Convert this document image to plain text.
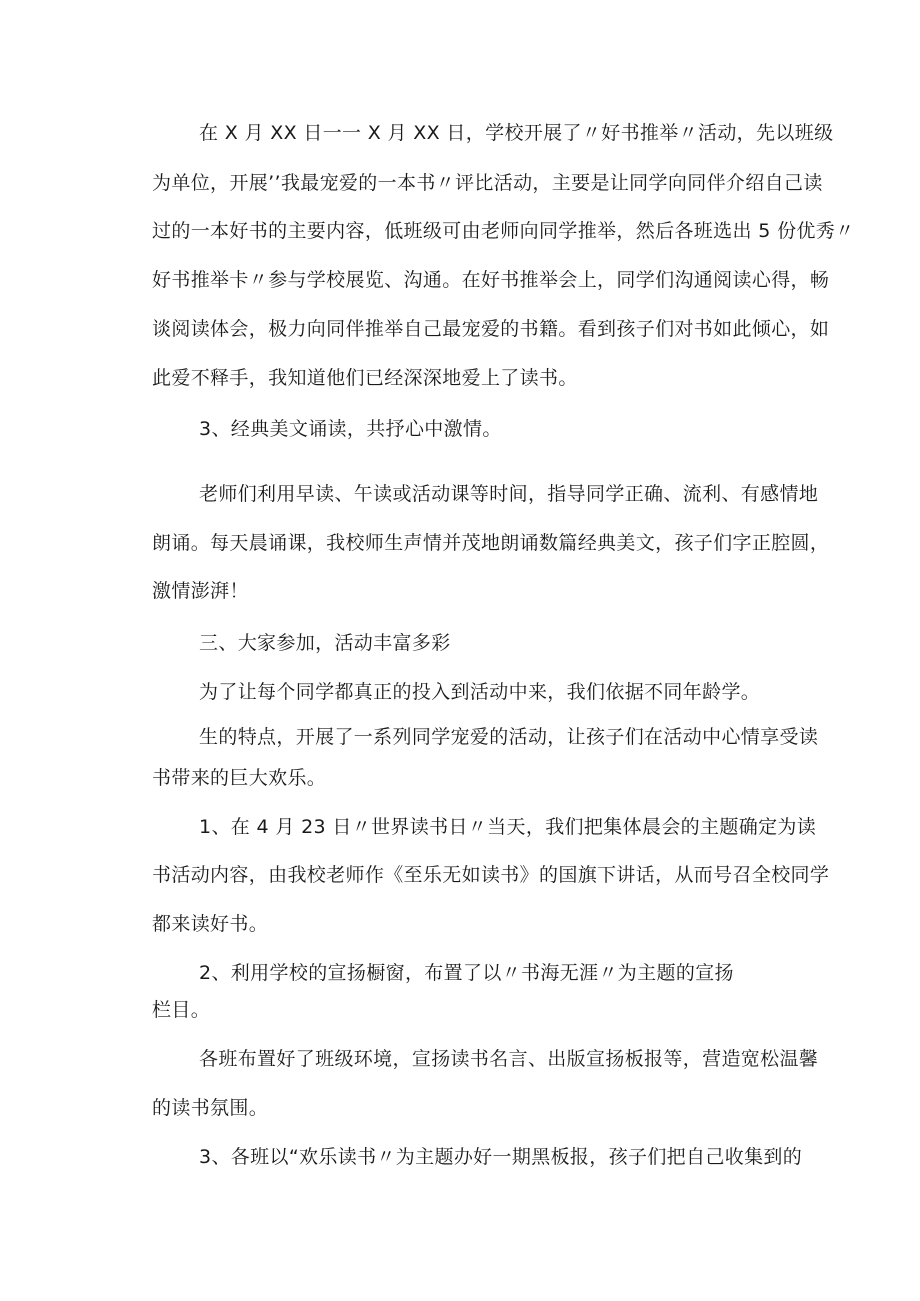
在 X 月 XX 日一一 X 月 XX 日，学校开展了〃好书推举〃活动，先以班级
为单位，开展’’我最宠爱的一本书〃评比活动，主要是让同学向同伴介绍自己读
过的一本好书的主要内容，低班级可由老师向同学推举，然后各班选出 5 份优秀〃
好书推举卡〃参与学校展览、沟通。在好书推举会上，同学们沟通阅读心得，畅
谈阅读体会，极力向同伴推举自己最宠爱的书籍。看到孩子们对书如此倾心，如
此爱不释手，我知道他们已经深深地爱上了读书。
3、经典美文诵读，共抒心中激情。
老师们利用早读、午读或活动课等时间，指导同学正确、流利、有感情地
朗诵。每天晨诵课，我校师生声情并茂地朗诵数篇经典美文，孩子们字正腔圆，
激情澎湃！
三、大家参加，活动丰富多彩
为了让每个同学都真正的投入到活动中来，我们依据不同年龄学。
生的特点，开展了一系列同学宠爱的活动，让孩子们在活动中心情享受读
书带来的巨大欢乐。
1、在 4 月 23 日〃世界读书日〃当天，我们把集体晨会的主题确定为读
书活动内容，由我校老师作《至乐无如读书》的国旗下讲话，从而号召全校同学
都来读好书。
2、利用学校的宣扬橱窗，布置了以〃书海无涯〃为主题的宣扬
栏目。
各班布置好了班级环境，宣扬读书名言、出版宣扬板报等，营造宽松温馨
的读书氛围。
3、各班以“欢乐读书〃为主题办好一期黑板报，孩子们把自己收集到的
